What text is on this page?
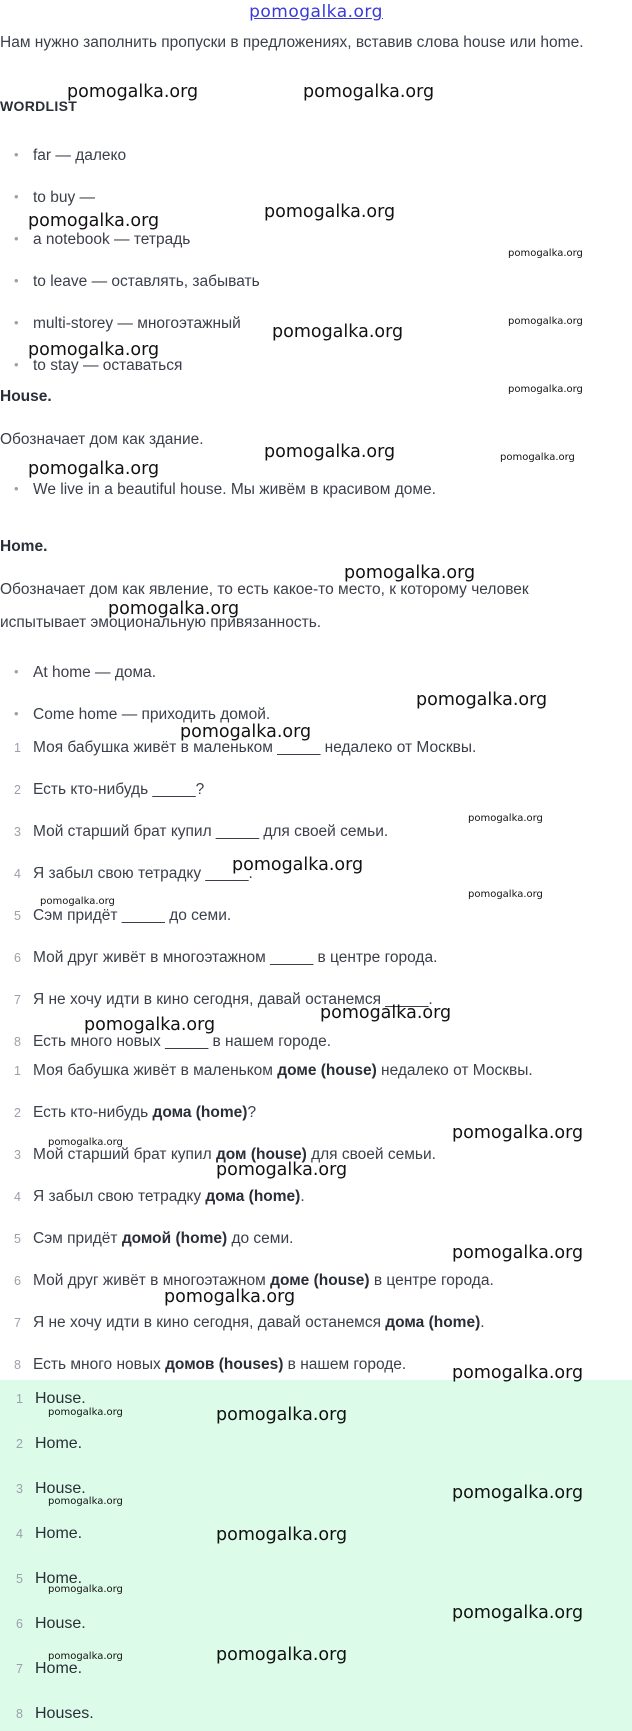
pomogalka.org
Нам нужно заполнить пропуски в предложениях, вставив слова house или home.
WORDLIST
far — далеко
to buy —
a notebook — тетрадь
to leave — оставлять, забывать
multi-storey — многоэтажный
to stay — оставаться
House.
Обозначает дом как здание.
We live in a beautiful house. Мы живём в красивом доме.
Home.
Обозначает дом как явление, то есть какое-то место, к которому человек испытывает эмоциональную привязанность.
At home — дома.
Come home — приходить домой.
1 Моя бабушка живёт в маленьком _____ недалеко от Москвы.
2 Есть кто-нибудь _____?
3 Мой старший брат купил _____ для своей семьи.
4 Я забыл свою тетрадку _____.
5 Сэм придёт _____ до семи.
6 Мой друг живёт в многоэтажном _____ в центре города.
7 Я не хочу идти в кино сегодня, давай останемся _____.
8 Есть много новых _____ в нашем городе.
1 Моя бабушка живёт в маленьком доме (house) недалеко от Москвы.
2 Есть кто-нибудь дома (home)?
3 Мой старший брат купил дом (house) для своей семьи.
4 Я забыл свою тетрадку дома (home).
5 Сэм придёт домой (home) до семи.
6 Мой друг живёт в многоэтажном доме (house) в центре города.
7 Я не хочу идти в кино сегодня, давай останемся дома (home).
8 Есть много новых домов (houses) в нашем городе.
1 House.
2 Home.
3 House.
4 Home.
5 Home.
6 House.
7 Home.
8 Houses.
pomogalka.org	pomogalka.org
pomogalka.org	pomogalka.org
pomogalka.org
pomogalka.org
pomogalka.org
pomogalka.org
pomogalka.org
pomogalka.org	pomogalka.org
pomogalka.org
pomogalka.org
pomogalka.org
pomogalka.org
pomogalka.org
pomogalka.org
pomogalka.org
pomogalka.org
pomogalka.org
pomogalka.org
pomogalka.org
pomogalka.org
pomogalka.org
pomogalka.org
pomogalka.org
pomogalka.org
pomogalka.org
pomogalka.org	pomogalka.org
pomogalka.org
pomogalka.org
pomogalka.org
pomogalka.org
pomogalka.org
pomogalka.org	pomogalka.org
